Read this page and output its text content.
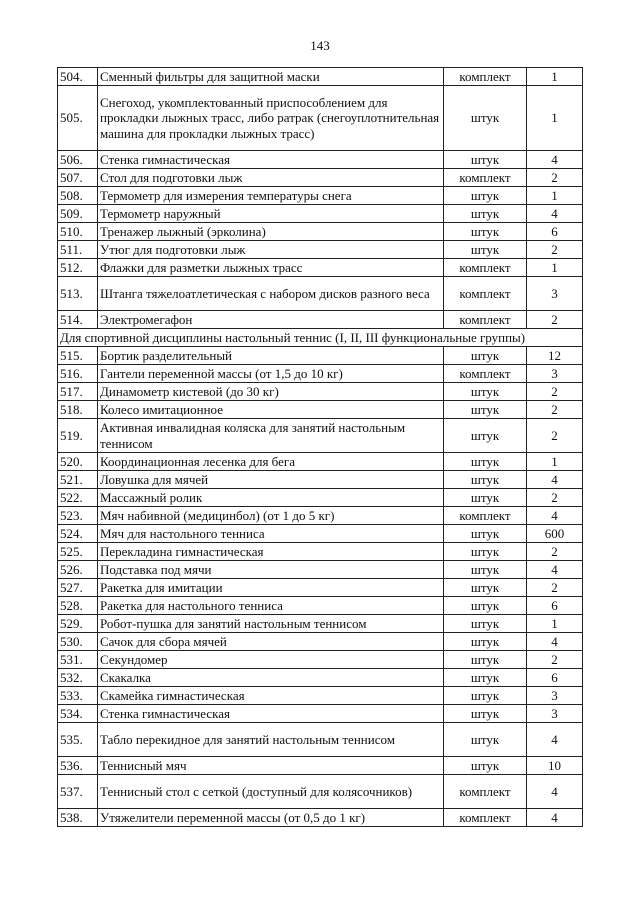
143
504.	Сменный фильтры для защитной маски	комплект	1
505.	Снегоход, укомплектованный приспособлением для прокладки лыжных трасс, либо ратрак (снегоуплотнительная машина для прокладки лыжных трасс)	штук	1
506.	Стенка гимнастическая	штук	4
507.	Стол для подготовки лыж	комплект	2
508.	Термометр для измерения температуры снега	штук	1
509.	Термометр наружный	штук	4
510.	Тренажер лыжный (эрколина)	штук	6
511.	Утюг для подготовки лыж	штук	2
512.	Флажки для разметки лыжных трасс	комплект	1
513.	Штанга тяжелоатлетическая с набором дисков разного веса	комплект	3
514.	Электромегафон	комплект	2
Для спортивной дисциплины настольный теннис (I, II, III функциональные группы)			
515.	Бортик разделительный	штук	12
516.	Гантели переменной массы (от 1,5 до 10 кг)	комплект	3
517.	Динамометр кистевой (до 30 кг)	штук	2
518.	Колесо имитационное	штук	2
519.	Активная инвалидная коляска для занятий настольным теннисом	штук	2
520.	Координационная лесенка для бега	штук	1
521.	Ловушка для мячей	штук	4
522.	Массажный ролик	штук	2
523.	Мяч набивной (медицинбол) (от 1 до 5 кг)	комплект	4
524.	Мяч для настольного тенниса	штук	600
525.	Перекладина гимнастическая	штук	2
526.	Подставка под мячи	штук	4
527.	Ракетка для имитации	штук	2
528.	Ракетка для настольного тенниса	штук	6
529.	Робот-пушка для занятий настольным теннисом	штук	1
530.	Сачок для сбора мячей	штук	4
531.	Секундомер	штук	2
532.	Скакалка	штук	6
533.	Скамейка гимнастическая	штук	3
534.	Стенка гимнастическая	штук	3
535.	Табло перекидное для занятий настольным теннисом	штук	4
536.	Теннисный мяч	штук	10
537.	Теннисный стол с сеткой (доступный для колясочников)	комплект	4
538.	Утяжелители переменной массы (от 0,5 до 1 кг)	комплект	4
